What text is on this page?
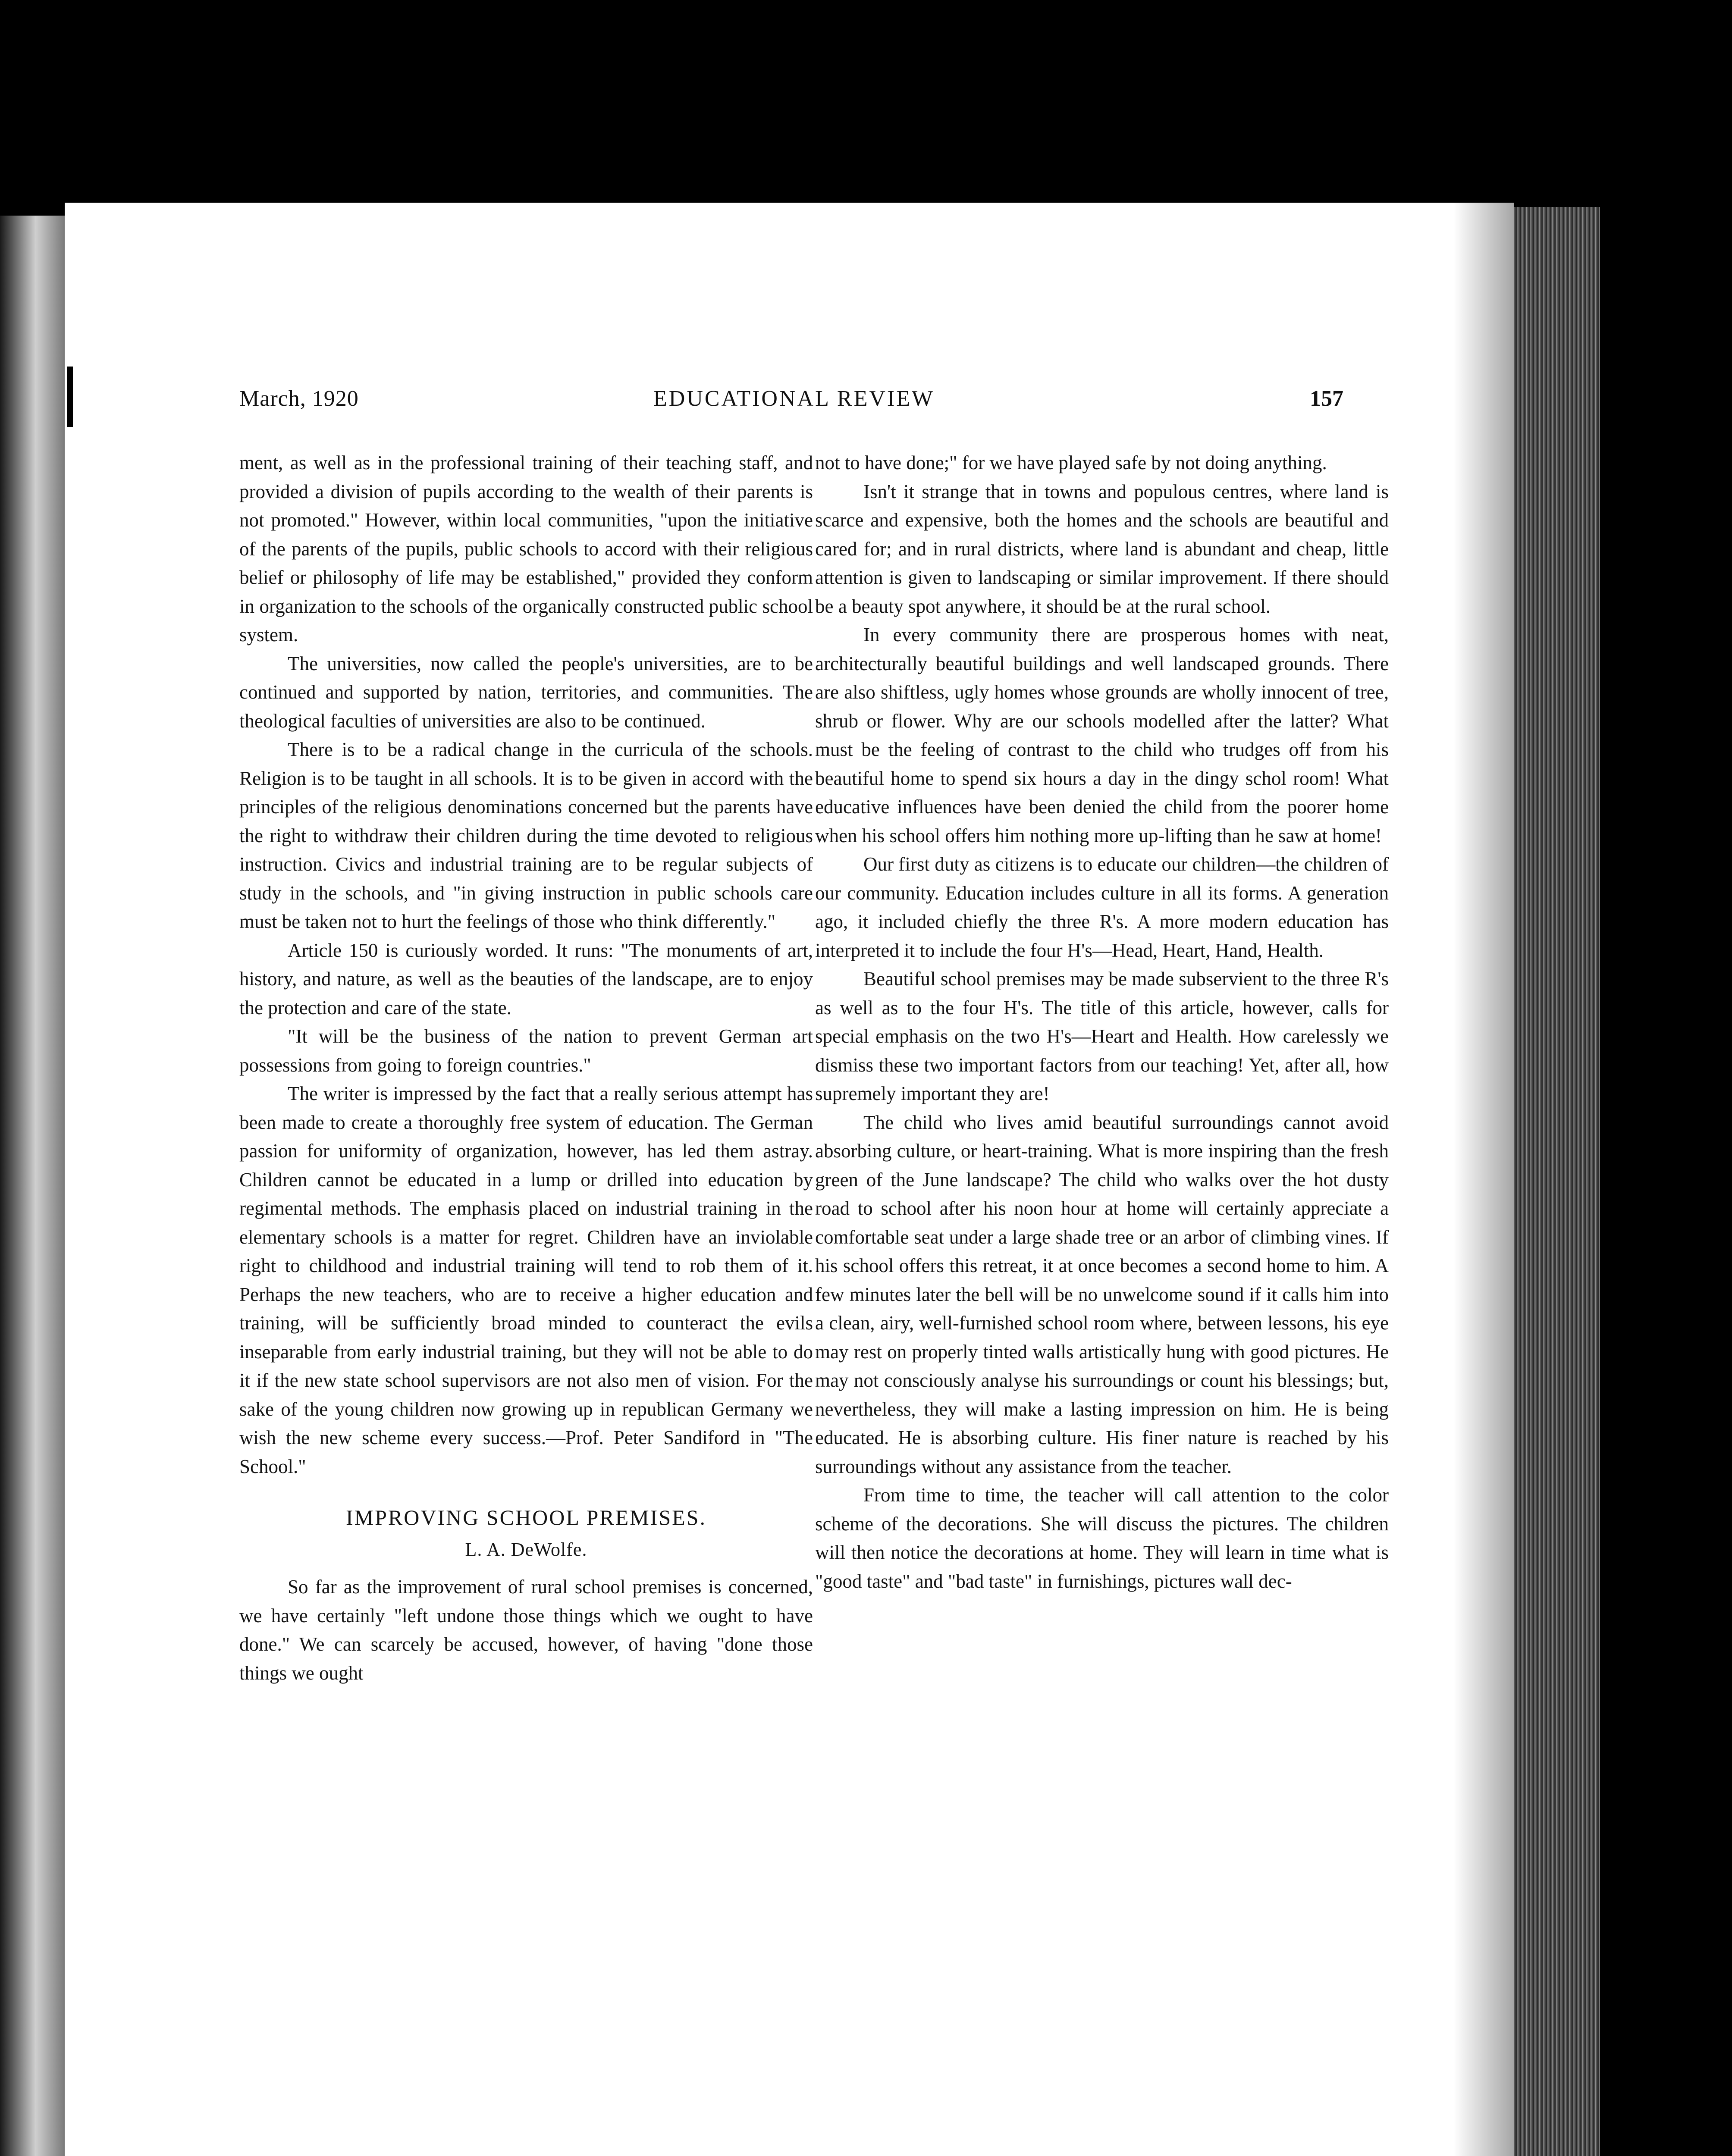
March, 1920	EDUCATIONAL REVIEW	157

ment, as well as in the professional training of their teaching staff, and provided a division of pupils according to the wealth of their parents is not promoted." However, within local communities, "upon the initiative of the parents of the pupils, public schools to accord with their religious belief or philosophy of life may be established," provided they conform in organization to the schools of the organically constructed public school system.

The universities, now called the people's universities, are to be continued and supported by nation, territories, and communities. The theological faculties of universities are also to be continued.

There is to be a radical change in the curricula of the schools. Religion is to be taught in all schools. It is to be given in accord with the principles of the religious denominations concerned but the parents have the right to withdraw their children during the time devoted to religious instruction. Civics and industrial training are to be regular subjects of study in the schools, and "in giving instruction in public schools care must be taken not to hurt the feelings of those who think differently."

Article 150 is curiously worded. It runs: "The monuments of art, history, and nature, as well as the beauties of the landscape, are to enjoy the protection and care of the state.

"It will be the business of the nation to prevent German art possessions from going to foreign countries."

The writer is impressed by the fact that a really serious attempt has been made to create a thoroughly free system of education. The German passion for uniformity of organization, however, has led them astray. Children cannot be educated in a lump or drilled into education by regimental methods. The emphasis placed on industrial training in the elementary schools is a matter for regret. Children have an inviolable right to childhood and industrial training will tend to rob them of it. Perhaps the new teachers, who are to receive a higher education and training, will be sufficiently broad minded to counteract the evils inseparable from early industrial training, but they will not be able to do it if the new state school supervisors are not also men of vision. For the sake of the young children now growing up in republican Germany we wish the new scheme every success.—Prof. Peter Sandiford in "The School."

IMPROVING SCHOOL PREMISES.
L. A. DeWolfe.

So far as the improvement of rural school premises is concerned, we have certainly "left undone those things which we ought to have done." We can scarcely be accused, however, of having "done those things we ought

not to have done;" for we have played safe by not doing anything.

Isn't it strange that in towns and populous centres, where land is scarce and expensive, both the homes and the schools are beautiful and cared for; and in rural districts, where land is abundant and cheap, little attention is given to landscaping or similar improvement. If there should be a beauty spot anywhere, it should be at the rural school.

In every community there are prosperous homes with neat, architecturally beautiful buildings and well landscaped grounds. There are also shiftless, ugly homes whose grounds are wholly innocent of tree, shrub or flower. Why are our schools modelled after the latter? What must be the feeling of contrast to the child who trudges off from his beautiful home to spend six hours a day in the dingy schol room! What educative influences have been denied the child from the poorer home when his school offers him nothing more up-lifting than he saw at home!

Our first duty as citizens is to educate our children—the children of our community. Education includes culture in all its forms. A generation ago, it included chiefly the three R's. A more modern education has interpreted it to include the four H's—Head, Heart, Hand, Health.

Beautiful school premises may be made subservient to the three R's as well as to the four H's. The title of this article, however, calls for special emphasis on the two H's—Heart and Health. How carelessly we dismiss these two important factors from our teaching! Yet, after all, how supremely important they are!

The child who lives amid beautiful surroundings cannot avoid absorbing culture, or heart-training. What is more inspiring than the fresh green of the June landscape? The child who walks over the hot dusty road to school after his noon hour at home will certainly appreciate a comfortable seat under a large shade tree or an arbor of climbing vines. If his school offers this retreat, it at once becomes a second home to him. A few minutes later the bell will be no unwelcome sound if it calls him into a clean, airy, well-furnished school room where, between lessons, his eye may rest on properly tinted walls artistically hung with good pictures. He may not consciously analyse his surroundings or count his blessings; but, nevertheless, they will make a lasting impression on him. He is being educated. He is absorbing culture. His finer nature is reached by his surroundings without any assistance from the teacher.

From time to time, the teacher will call attention to the color scheme of the decorations. She will discuss the pictures. The children will then notice the decorations at home. They will learn in time what is "good taste" and "bad taste" in furnishings, pictures wall dec-
